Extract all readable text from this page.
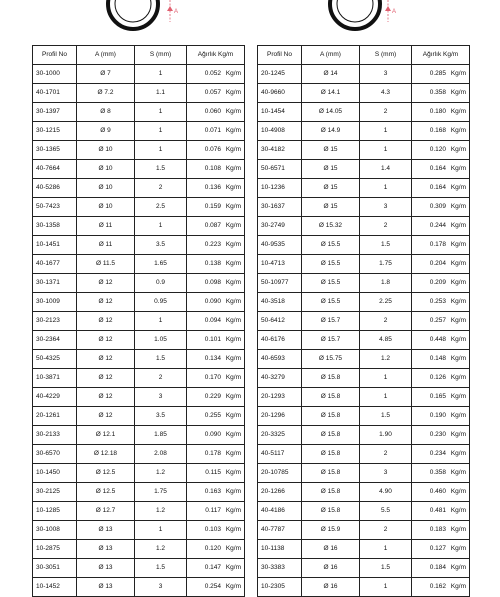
A	A
Profil No	A (mm)	S (mm)	Ağırlık Kg/m
30-1000	Ø 7	1	0.052 Kg/m
40-1701	Ø 7.2	1.1	0.057 Kg/m
30-1397	Ø 8	1	0.060 Kg/m
30-1215	Ø 9	1	0.071 Kg/m
30-1365	Ø 10	1	0.076 Kg/m
40-7664	Ø 10	1.5	0.108 Kg/m
40-5286	Ø 10	2	0.136 Kg/m
50-7423	Ø 10	2.5	0.159 Kg/m
30-1358	Ø 11	1	0.087 Kg/m
10-1451	Ø 11	3.5	0.223 Kg/m
40-1677	Ø 11.5	1.65	0.138 Kg/m
30-1371	Ø 12	0.9	0.098 Kg/m
30-1009	Ø 12	0.95	0.090 Kg/m
30-2123	Ø 12	1	0.094 Kg/m
30-2364	Ø 12	1.05	0.101 Kg/m
50-4325	Ø 12	1.5	0.134 Kg/m
10-3871	Ø 12	2	0.170 Kg/m
40-4229	Ø 12	3	0.229 Kg/m
20-1261	Ø 12	3.5	0.255 Kg/m
30-2133	Ø 12.1	1.85	0.090 Kg/m
30-6570	Ø 12.18	2.08	0.178 Kg/m
10-1450	Ø 12.5	1.2	0.115 Kg/m
30-2125	Ø 12.5	1.75	0.163 Kg/m
10-1285	Ø 12.7	1.2	0.117 Kg/m
30-1008	Ø 13	1	0.103 Kg/m
10-2875	Ø 13	1.2	0.120 Kg/m
30-3051	Ø 13	1.5	0.147 Kg/m
10-1452	Ø 13	3	0.254 Kg/m
Profil No	A (mm)	S (mm)	Ağırlık Kg/m
20-1245	Ø 14	3	0.285 Kg/m
40-9660	Ø 14.1	4.3	0.358 Kg/m
10-1454	Ø 14.05	2	0.180 Kg/m
10-4908	Ø 14.9	1	0.168 Kg/m
30-4182	Ø 15	1	0.120 Kg/m
50-6571	Ø 15	1.4	0.164 Kg/m
10-1236	Ø 15	1	0.164 Kg/m
30-1637	Ø 15	3	0.309 Kg/m
30-2749	Ø 15.32	2	0.244 Kg/m
40-9535	Ø 15.5	1.5	0.178 Kg/m
10-4713	Ø 15.5	1.75	0.204 Kg/m
50-10977	Ø 15.5	1.8	0.209 Kg/m
40-3518	Ø 15.5	2.25	0.253 Kg/m
50-6412	Ø 15.7	2	0.257 Kg/m
40-6176	Ø 15.7	4.85	0.448 Kg/m
40-6593	Ø 15.75	1.2	0.148 Kg/m
40-3279	Ø 15.8	1	0.126 Kg/m
20-1293	Ø 15.8	1	0.165 Kg/m
20-1296	Ø 15.8	1.5	0.190 Kg/m
20-3325	Ø 15.8	1.90	0.230 Kg/m
40-5117	Ø 15.8	2	0.234 Kg/m
20-10785	Ø 15.8	3	0.358 Kg/m
20-1266	Ø 15.8	4.90	0.460 Kg/m
40-4186	Ø 15.8	5.5	0.481 Kg/m
40-7787	Ø 15.9	2	0.183 Kg/m
10-1138	Ø 16	1	0.127 Kg/m
30-3383	Ø 16	1.5	0.184 Kg/m
10-2305	Ø 16	1	0.162 Kg/m
